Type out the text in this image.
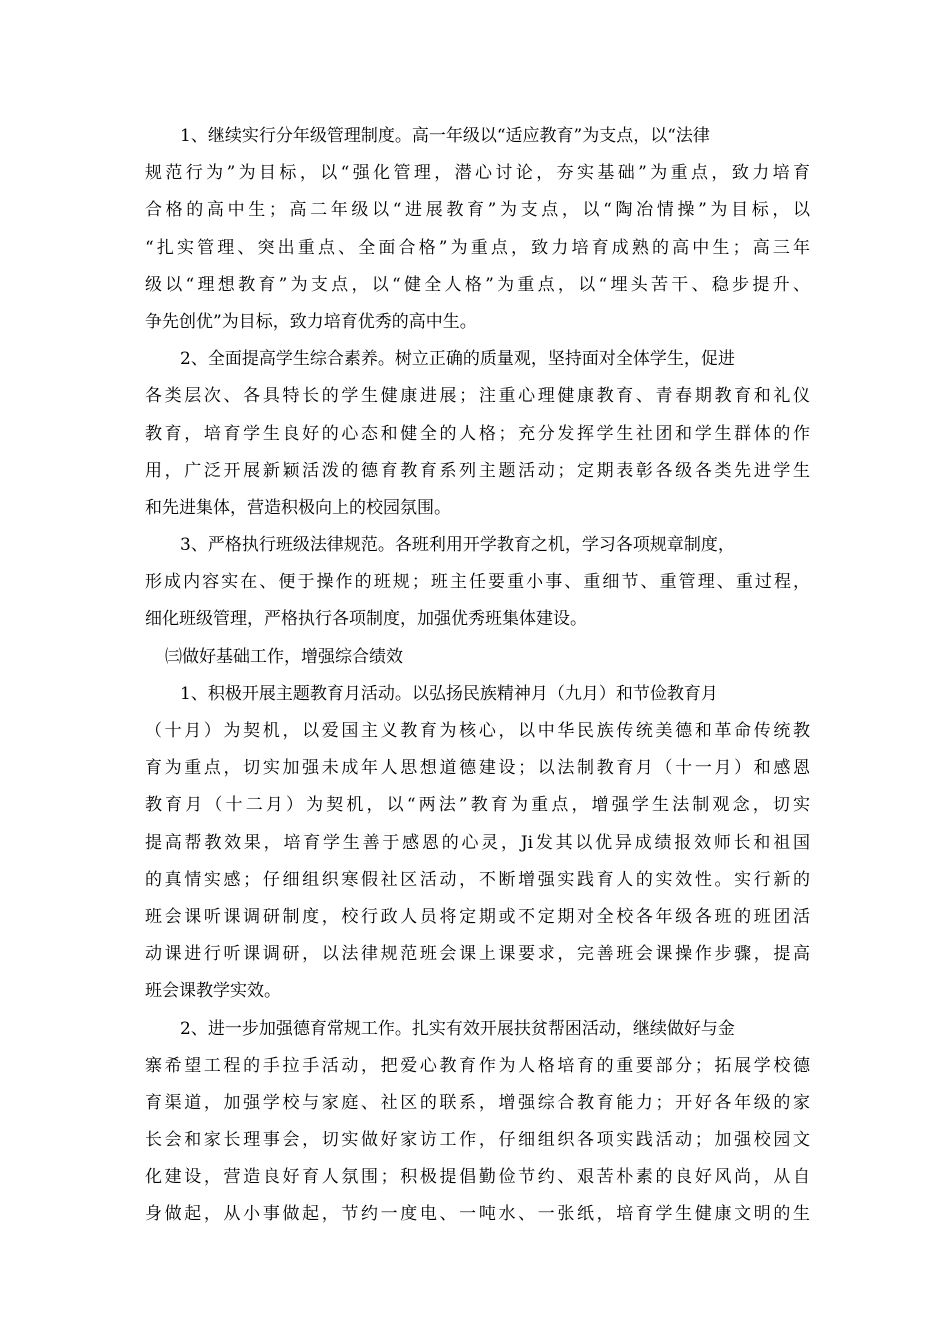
1、继续实行分年级管理制度。高一年级以“适应教育”为支点，以“法律
规范行为”为目标，以“强化管理，潜心讨论，夯实基础”为重点，致力培育
合格的高中生；高二年级以“进展教育”为支点，以“陶冶情操”为目标，以
“扎实管理、突出重点、全面合格”为重点，致力培育成熟的高中生；高三年
级以“理想教育”为支点，以“健全人格”为重点，以“埋头苦干、稳步提升、
争先创优”为目标，致力培育优秀的高中生。
2、全面提高学生综合素养。树立正确的质量观，坚持面对全体学生，促进
各类层次、各具特长的学生健康进展；注重心理健康教育、青春期教育和礼仪
教育，培育学生良好的心态和健全的人格；充分发挥学生社团和学生群体的作
用，广泛开展新颖活泼的德育教育系列主题活动；定期表彰各级各类先进学生
和先进集体，营造积极向上的校园氛围。
3、严格执行班级法律规范。各班利用开学教育之机，学习各项规章制度，
形成内容实在、便于操作的班规；班主任要重小事、重细节、重管理、重过程，
细化班级管理，严格执行各项制度，加强优秀班集体建设。
㈢做好基础工作，增强综合绩效
1、积极开展主题教育月活动。以弘扬民族精神月（九月）和节俭教育月
（十月）为契机，以爱国主义教育为核心，以中华民族传统美德和革命传统教
育为重点，切实加强未成年人思想道德建设；以法制教育月（十一月）和感恩
教育月（十二月）为契机，以“两法”教育为重点，增强学生法制观念，切实
提高帮教效果，培育学生善于感恩的心灵，Ji发其以优异成绩报效师长和祖国
的真情实感；仔细组织寒假社区活动，不断增强实践育人的实效性。实行新的
班会课听课调研制度，校行政人员将定期或不定期对全校各年级各班的班团活
动课进行听课调研，以法律规范班会课上课要求，完善班会课操作步骤，提高
班会课教学实效。
2、进一步加强德育常规工作。扎实有效开展扶贫帮困活动，继续做好与金
寨希望工程的手拉手活动，把爱心教育作为人格培育的重要部分；拓展学校德
育渠道，加强学校与家庭、社区的联系，增强综合教育能力；开好各年级的家
长会和家长理事会，切实做好家访工作，仔细组织各项实践活动；加强校园文
化建设，营造良好育人氛围；积极提倡勤俭节约、艰苦朴素的良好风尚，从自
身做起，从小事做起，节约一度电、一吨水、一张纸，培育学生健康文明的生
